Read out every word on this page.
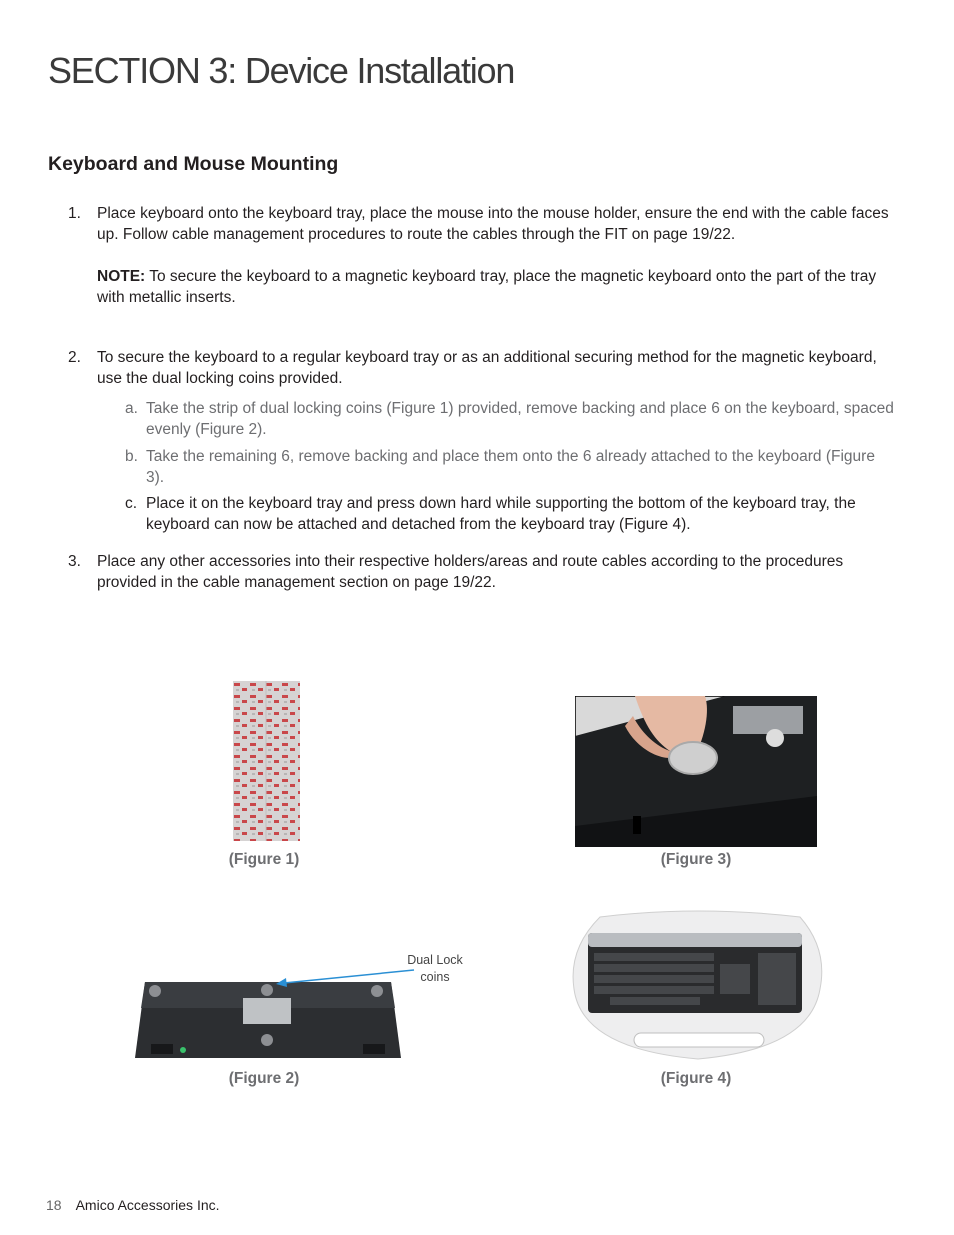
SECTION 3: Device Installation
Keyboard and Mouse Mounting
1. Place keyboard onto the keyboard tray, place the mouse into the mouse holder, ensure the end with the cable faces up. Follow cable management procedures to route the cables through the FIT on page 19/22.
NOTE: To secure the keyboard to a magnetic keyboard tray, place the magnetic keyboard onto the part of the tray with metallic inserts.
2. To secure the keyboard to a regular keyboard tray or as an additional securing method for the magnetic keyboard, use the dual locking coins provided.
a. Take the strip of dual locking coins (Figure 1) provided, remove backing and place 6 on the keyboard, spaced evenly (Figure 2).
b. Take the remaining 6, remove backing and place them onto the 6 already attached to the keyboard (Figure 3).
c. Place it on the keyboard tray and press down hard while supporting the bottom of the keyboard tray, the keyboard can now be attached and detached from the keyboard tray (Figure 4).
3. Place any other accessories into their respective holders/areas and route cables according to the procedures provided in the cable management section on page 19/22.
Dual Lock
coins
(Figure 1)	(Figure 3)
(Figure 2)	(Figure 4)
18 Amico Accessories Inc.
